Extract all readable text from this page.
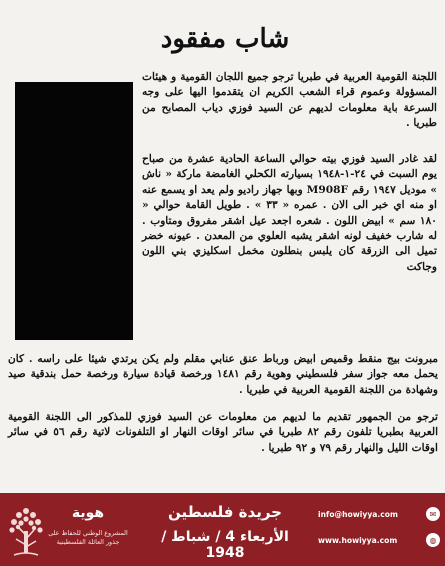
شاب مفقود

اللجنة القومية العربية في طبريا ترجو جميع اللجان القومية و هيئات المسؤولة وعموم قراء الشعب الكريم ان يتقدموا اليها على وجه السرعة باية معلومات لديهم عن السيد فوزي دياب المصابح من طبريا .

لقد غادر السيد فوزي بيته حوالي الساعة الحادية عشرة من صباح يوم السبت في ٢٤-١-١٩٤٨ بسيارته الكحلي الغامضة ماركة « ناش » موديل ١٩٤٧ رقم M908F وبها جهاز راديو ولم يعد او يسمع عنه او منه اي خبر الى الان . عمره « ٣٣ » . طويل القامة حوالي « ١٨٠ سم » ابيض اللون . شعره اجعد عيل اشقر مفروق ومتاوب . له شارب خفيف لونه اشقر يشبه العلوي من المعدن . عيونه خضر تميل الى الزرقة كان يلبس بنطلون مخمل اسكليزي بني اللون وجاكت

مبرونت بيج منقط وقميص ابيض ورباط عنق عنابي مقلم ولم يكن يرتدي شيئا على راسه . كان يحمل معه جواز سفر فلسطيني وهوية رقم ١٤٨١ ورخصة قيادة سيارة ورخصة حمل بندقية صيد وشهادة من اللجنة القومية العربية في طبريا .

ترجو من الجمهور تقديم ما لديهم من معلومات عن السيد فوزي للمذكور الى اللجنة القومية العربية بطبريا تلفون رقم ٨٢ طبريا في سائر اوقات النهار او التلفونات لاتية رقم ٥٦ في سائر اوقات الليل والنهار رقم ٧٩ و ٩٢ طبريا .

هوية
المشروع الوطني للحفاظ على جذور العائلة الفلسطينية
جريدة فلسطين
الأربعاء 4 / شباط / 1948
info@howiyya.com	✉
www.howiyya.com	◍
